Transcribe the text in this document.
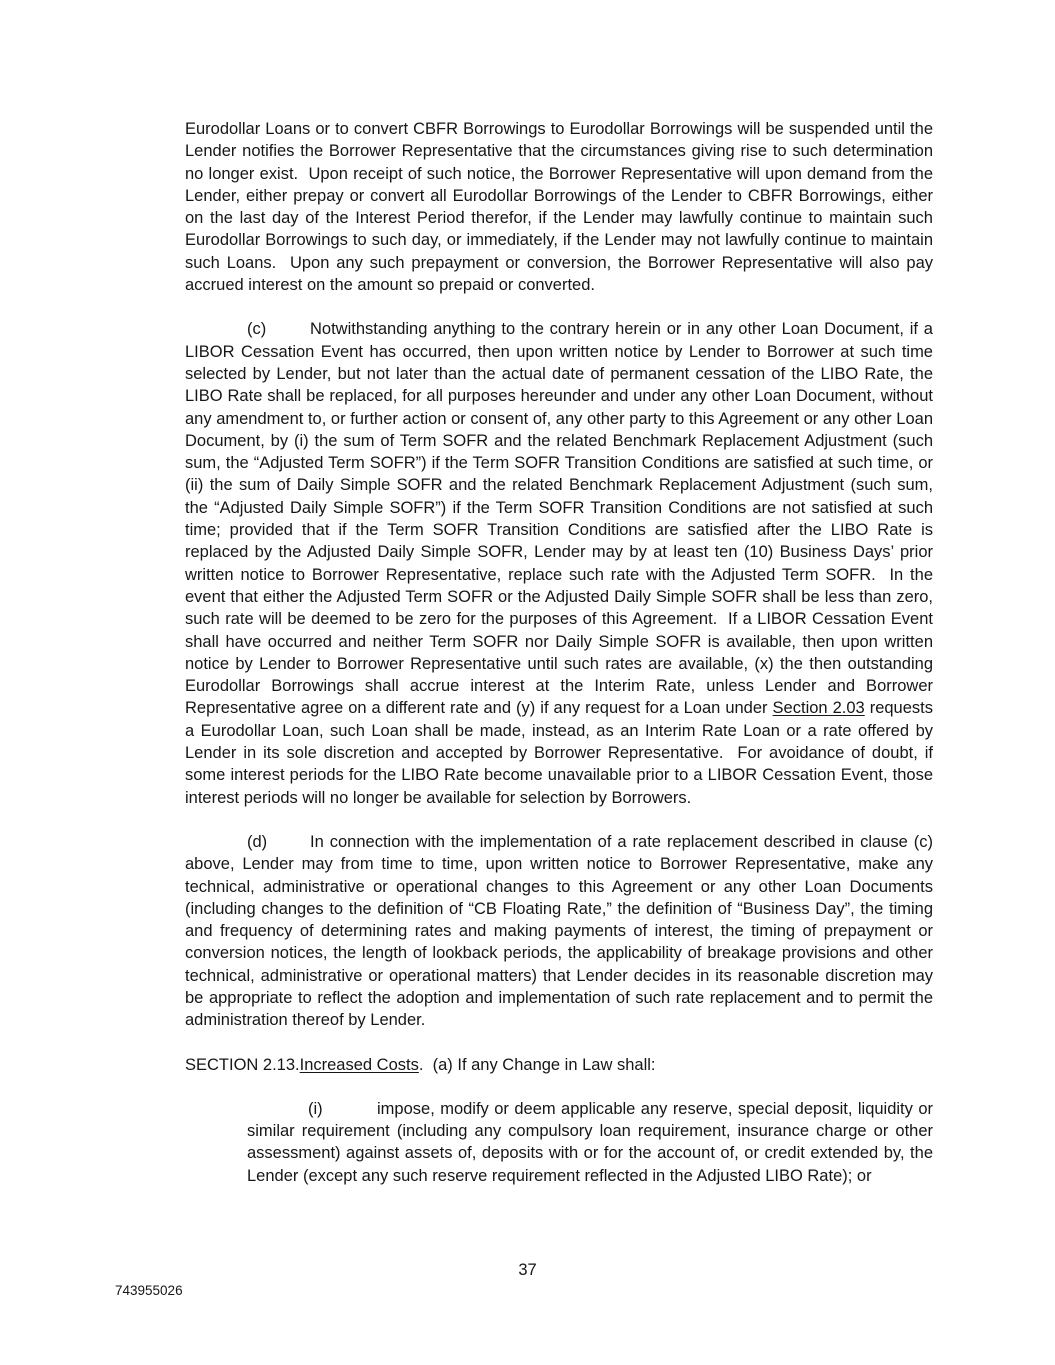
Eurodollar Loans or to convert CBFR Borrowings to Eurodollar Borrowings will be suspended until the Lender notifies the Borrower Representative that the circumstances giving rise to such determination no longer exist.  Upon receipt of such notice, the Borrower Representative will upon demand from the Lender, either prepay or convert all Eurodollar Borrowings of the Lender to CBFR Borrowings, either on the last day of the Interest Period therefor, if the Lender may lawfully continue to maintain such Eurodollar Borrowings to such day, or immediately, if the Lender may not lawfully continue to maintain such Loans.  Upon any such prepayment or conversion, the Borrower Representative will also pay accrued interest on the amount so prepaid or converted.

(c)	Notwithstanding anything to the contrary herein or in any other Loan Document, if a LIBOR Cessation Event has occurred, then upon written notice by Lender to Borrower at such time selected by Lender, but not later than the actual date of permanent cessation of the LIBO Rate, the LIBO Rate shall be replaced, for all purposes hereunder and under any other Loan Document, without any amendment to, or further action or consent of, any other party to this Agreement or any other Loan Document, by (i) the sum of Term SOFR and the related Benchmark Replacement Adjustment (such sum, the “Adjusted Term SOFR”) if the Term SOFR Transition Conditions are satisfied at such time, or (ii) the sum of Daily Simple SOFR and the related Benchmark Replacement Adjustment (such sum, the “Adjusted Daily Simple SOFR”) if the Term SOFR Transition Conditions are not satisfied at such time; provided that if the Term SOFR Transition Conditions are satisfied after the LIBO Rate is replaced by the Adjusted Daily Simple SOFR, Lender may by at least ten (10) Business Days’ prior written notice to Borrower Representative, replace such rate with the Adjusted Term SOFR.  In the event that either the Adjusted Term SOFR or the Adjusted Daily Simple SOFR shall be less than zero, such rate will be deemed to be zero for the purposes of this Agreement.  If a LIBOR Cessation Event shall have occurred and neither Term SOFR nor Daily Simple SOFR is available, then upon written notice by Lender to Borrower Representative until such rates are available, (x) the then outstanding Eurodollar Borrowings shall accrue interest at the Interim Rate, unless Lender and Borrower Representative agree on a different rate and (y) if any request for a Loan under Section 2.03 requests a Eurodollar Loan, such Loan shall be made, instead, as an Interim Rate Loan or a rate offered by Lender in its sole discretion and accepted by Borrower Representative.  For avoidance of doubt, if some interest periods for the LIBO Rate become unavailable prior to a LIBOR Cessation Event, those interest periods will no longer be available for selection by Borrowers.

(d)	In connection with the implementation of a rate replacement described in clause (c) above, Lender may from time to time, upon written notice to Borrower Representative, make any technical, administrative or operational changes to this Agreement or any other Loan Documents (including changes to the definition of “CB Floating Rate,” the definition of “Business Day”, the timing and frequency of determining rates and making payments of interest, the timing of prepayment or conversion notices, the length of lookback periods, the applicability of breakage provisions and other technical, administrative or operational matters) that Lender decides in its reasonable discretion may be appropriate to reflect the adoption and implementation of such rate replacement and to permit the administration thereof by Lender.

SECTION 2.13.Increased Costs.  (a) If any Change in Law shall:

(i)	impose, modify or deem applicable any reserve, special deposit, liquidity or similar requirement (including any compulsory loan requirement, insurance charge or other assessment) against assets of, deposits with or for the account of, or credit extended by, the Lender (except any such reserve requirement reflected in the Adjusted LIBO Rate); or

37
743955026
